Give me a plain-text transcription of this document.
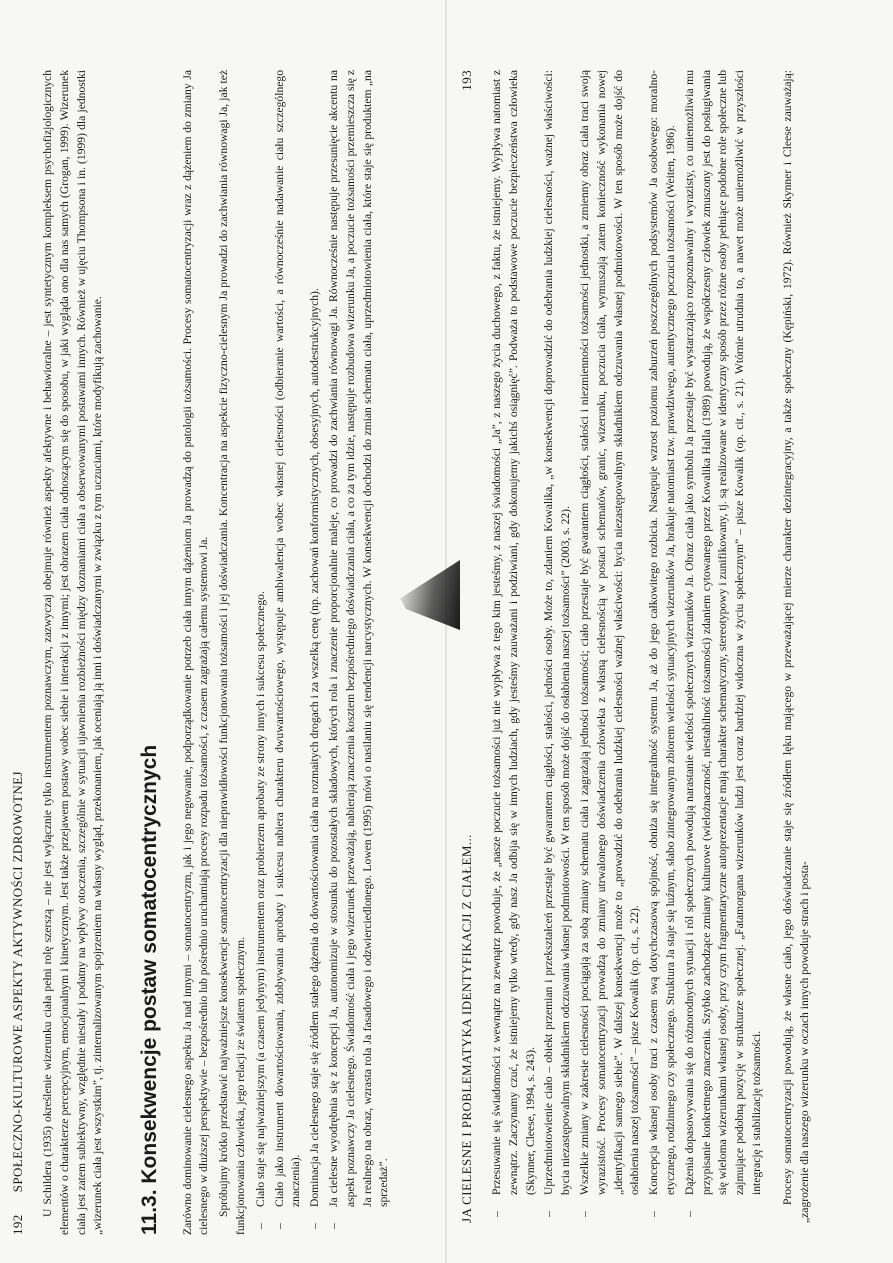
192
SPOŁECZNO-KULTUROWE ASPEKTY AKTYWNOŚCI ZDROWOTNEJ U Schildera (1935) określenie wizerunku ciała pełni rolę szerszą – nie jest wyłącznie tylko instrumentem poznawczym, zazwyczaj obejmuje również aspekty afektywne i behawioralne – jest syntetycznym kompleksem psychofizjologicznych elementów o charakterze percepcyjnym, emocjonalnym i kinetycznym. Jest także przejawem postawy wobec siebie i interakcji z innymi; jest obrazem ciała odnoszącym się do sposobu, w jaki wygląda ono dla nas samych (Grogan, 1999). Wizerunek ciała jest zatem subiektywny, względnie niestały i podatny na wpływy otoczenia, szczególnie w sytuacji ujawnienia rozbieżności między doznaniami ciała a obserwowanymi postawami innych. Również w ujęciu Thompsona i in. (1999) dla jednostki „wizerunek ciała jest wszystkim”, tj. zinternalizowanym spojrzeniem na własny wygląd, przekonaniem, jak oceniają ją inni i doświadczanymi w związku z tym uczuciami, które modyfikują zachowanie. 11.3. Konsekwencje postaw somatocentrycznych	Zarówno dominowanie cielesnego aspektu Ja nad innymi – somatocentryzm, jak i jego negowanie, podporządkowanie potrzeb ciała innym dążeniom Ja prowadzą do patologii tożsamości. Procesy somatocentryzacji wraz z dążeniem do zmiany Ja cielesnego w dłuższej perspektywie – bezpośrednio lub pośrednio uruchamiają procesy rozpadu tożsamości, z czasem zagrażają całemu systemowi Ja. Spróbujmy krótko przedstawić najważniejsze konsekwencje somatocentryzacji dla nieprawidłowości funkcjonowania tożsamości i jej doświadczania. Koncentracja na aspekcie fizyczno-cielesnym Ja prowadzi do zachwiania równowagi Ja, jak też funkcjonowania człowieka, jego relacji ze światem społecznym. – Ciało staje się najważniejszym (a czasem jedynym) instrumentem oraz probierzem aprobaty ze strony innych i sukcesu społecznego. – Ciało jako instrument dowartościowania, zdobywania aprobaty i sukcesu nabiera charakteru dwuwartościowego, występuje ambiwalencja wobec własnej cielesności (odbieranie wartości, a równocześnie nadawanie ciału szczególnego znaczenia). – Dominacja Ja cielesnego staje się źródłem stałego dążenia do dowartościowania ciała na rozmaitych drogach i za wszelką cenę (np. zachowań konformistycznych, obsesyjnych, autodestrukcyjnych). – Ja cielesne wyodrębnia się z koncepcji Ja, autonomizuje w stosunku do pozostałych składowych, których rola i znaczenie proporcjonalnie maleje, co prowadzi do zachwiania równowagi Ja. Równocześnie następuje przesunięcie akcentu na aspekt poznawczy Ja cielesnego. Świadomość ciała i jego wizerunek przeważają, nabierają znaczenia kosztem bezpośredniego doświadczania ciała, a co za tym idzie, następuje rozbudowa wizerunku Ja, a poczucie tożsamości przemieszcza się z Ja realnego na obraz, wzrasta rola Ja fasadowego i odzwierciedlonego. Lowen (1995) mówi o nasilaniu się tendencji narcystycznych. W konsekwencji dochodzi do zmian schematu ciała, uprzedmiotowienia ciała, które staje się produktem „na sprzedaż”.	JA CIELESNE I PROBLEMATYKA IDENTYFIKACJI Z CIAŁEM...
193 – Przesuwanie się świadomości z wewnątrz na zewnątrz powoduje, że „nasze poczucie tożsamości już nie wypływa z tego kim jesteśmy, z naszej świadomości „Ja”, z naszego życia duchowego, z faktu, że istniejemy. Wypływa natomiast z zewnątrz. Zaczynamy czuć, że istniejemy tylko wtedy, gdy nasz Ja odbija się w innych ludziach, gdy jesteśmy zauważani i podziwiani, gdy dokonujemy jakichś osiągnięć”. Podważa to podstawowe poczucie bezpieczeństwa człowieka (Skynner, Cleese, 1994, s. 243). – Uprzedmiotowienie ciało – obiekt przemian i przekształceń przestaje być gwarantem ciągłości, stałości, jedności osoby. Może to, zdaniem Kowalika, „w konsekwencji doprowadzić do odebrania ludzkiej cielesności, ważnej właściwości: bycia niezastępowalnym składnikiem odczuwania własnej podmiotowości. W ten sposób może dojść do osłabienia naszej tożsamości” (2003, s. 22). – Wszelkie zmiany w zakresie cielesności pociągają za sobą zmiany schematu ciała i zagrażają jedności tożsamości; ciało przestaje być gwarantem ciągłości, stałości i niezmienności tożsamości jednostki, a zmienny obraz ciała traci swoją wyrazistość. Procesy somatocentryzacji prowadzą do zmiany utrwalonego doświadczenia człowieka z własną cielesnością w postaci schematów, granic, wizerunku, poczucia ciała, wymuszają zatem konieczność wykonania nowej „identyfikacji samego siebie”. W dalszej konsekwencji może to „prowadzić do odebrania ludzkiej cielesności ważnej właściwości: bycia niezastępowalnym składnikiem odczuwania własnej podmiotowości. W ten sposób może dojść do osłabienia naszej tożsamości” – pisze Kowalik (op. cit., s. 22). – Koncepcja własnej osoby traci z czasem swą dotychczasową spójność, obniża się integralność systemu Ja, aż do jego całkowitego rozbicia. Następuje wzrost poziomu zaburzeń poszczególnych podsystemów Ja osobowego: moralno-etycznego, rodzinnego czy społecznego. Struktura Ja staje się luźnym, słabo zintegrowanym zbiorem wielości sytuacyjnych wizerunków Ja, brakuje natomiast tzw. prawdziwego, autentycznego poczucia tożsamości (Weiten, 1986). – Dążenia dopasowywania się do różnorodnych sytuacji i ról społecznych powodują narastanie wielości społecznych wizerunków Ja. Obraz ciała jako symbolu Ja przestaje być wystarczająco rozpoznawalny i wyrazisty, co uniemożliwia mu przypisanie konkretnego znaczenia. Szybko zachodzące zmiany kulturowe (wielożnaczność, niestabilność tożsamości) zdaniem cytowanego przez Kowalika Halla (1989) powodują, że współczesny człowiek zmuszony jest do posługiwania się wieloma wizerunkami własnej osoby, przy czym fragmentaryczne autoprezentacje mają charakter schematyczny, stereotypowy i zunifikowany, tj. są realizowane w identyczny sposób przez różne osoby pełniące podobne role społeczne lub zajmujące podobną pozycję w strukturze społecznej. „Fatamorgana wizerunków ludzi jest coraz bardziej widoczna w życiu społecznym” – pisze Kowalik (op. cit., s. 21). Wtórnie utrudnia to, a nawet może uniemożliwić w przyszłości integrację i stabilizację tożsamości. Procesy somatocentryzacji powodują, że własne ciało, jego doświadczanie staje się źródłem lęku mającego w przeważającej mierze charakter dezintegracyjny, a także społeczny (Kępiński, 1972). Również Skynner i Cleese zauważają: „zagrożenie dla naszego wizerunku w oczach innych powoduje strach i posta-
